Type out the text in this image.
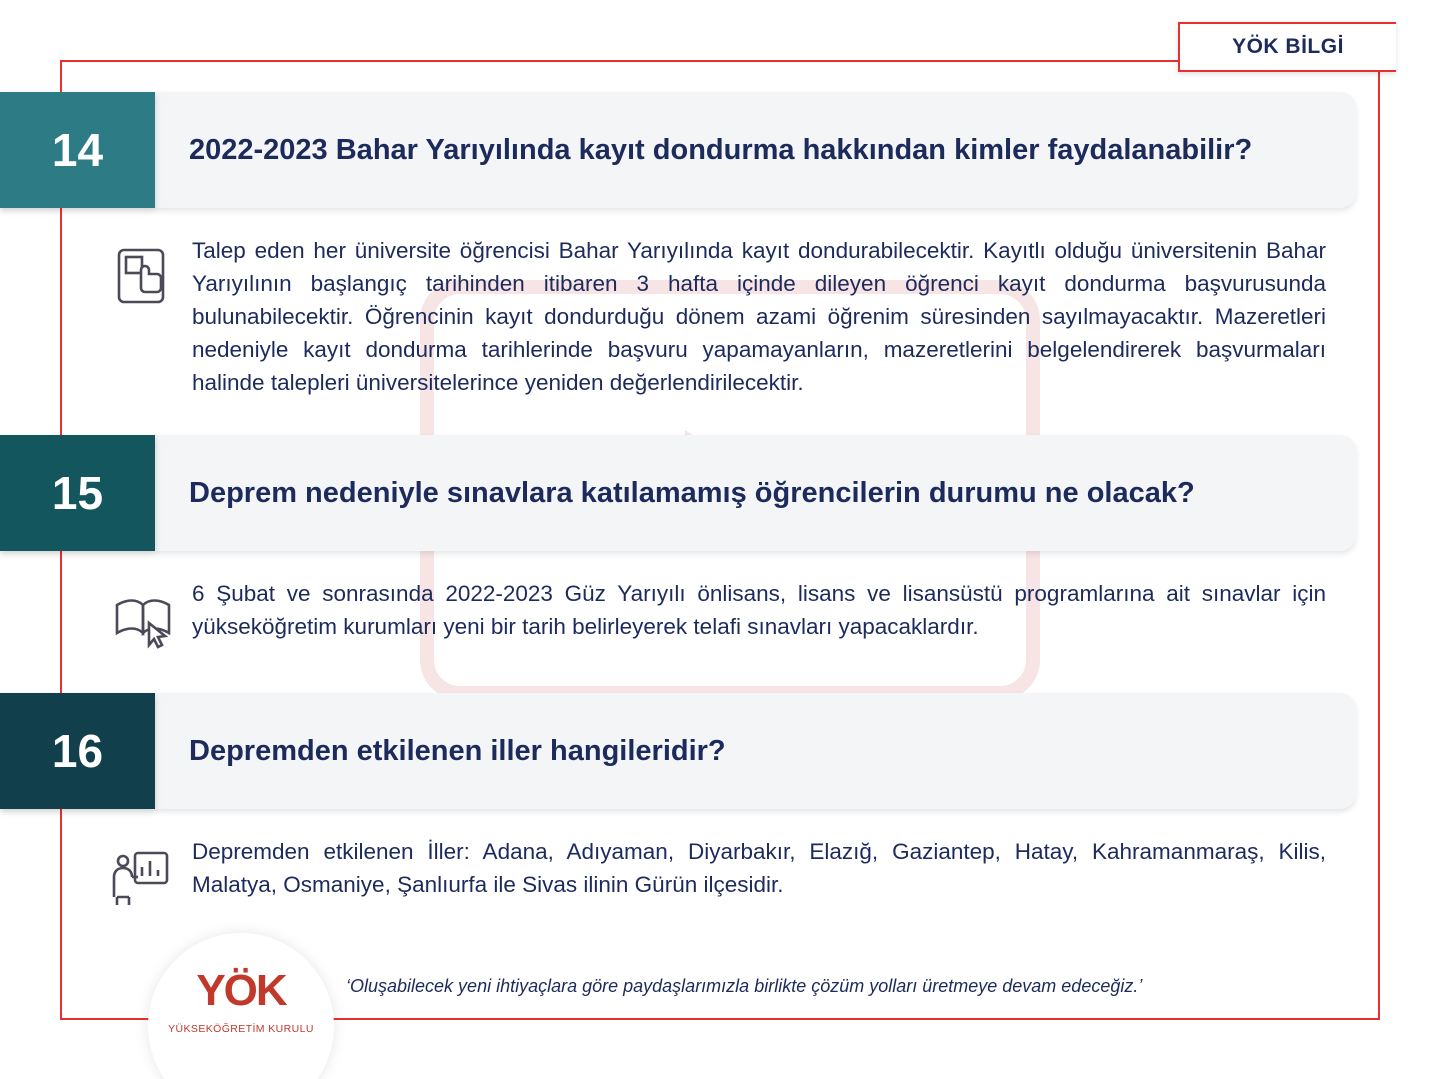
YÖK BİLGİ
14	2022-2023 Bahar Yarıyılında kayıt dondurma hakkından kimler faydalanabilir?
Talep eden her üniversite öğrencisi Bahar Yarıyılında kayıt dondurabilecektir. Kayıtlı olduğu üniversitenin Bahar Yarıyılının başlangıç tarihinden itibaren 3 hafta içinde dileyen öğrenci kayıt dondurma başvurusunda bulunabilecektir. Öğrencinin kayıt dondurduğu dönem azami öğrenim süresinden sayılmayacaktır. Mazeretleri nedeniyle kayıt dondurma tarihlerinde başvuru yapamayanların, mazeretlerini belgelendirerek başvurmaları halinde talepleri üniversitelerince yeniden değerlendirilecektir.
15	Deprem nedeniyle sınavlara katılamamış öğrencilerin durumu ne olacak?
6 Şubat ve sonrasında 2022-2023 Güz Yarıyılı önlisans, lisans ve lisansüstü programlarına ait sınavlar için yükseköğretim kurumları yeni bir tarih belirleyerek telafi sınavları yapacaklardır.
16	Depremden etkilenen iller hangileridir?
Depremden etkilenen İller: Adana, Adıyaman, Diyarbakır, Elazığ, Gaziantep, Hatay, Kahramanmaraş, Kilis, Malatya, Osmaniye, Şanlıurfa ile Sivas ilinin Gürün ilçesidir.
‘Oluşabilecek yeni ihtiyaçlara göre paydaşlarımızla birlikte çözüm yolları üretmeye devam edeceğiz.’
YÖK
YÜKSEKÖĞRETİM KURULU
